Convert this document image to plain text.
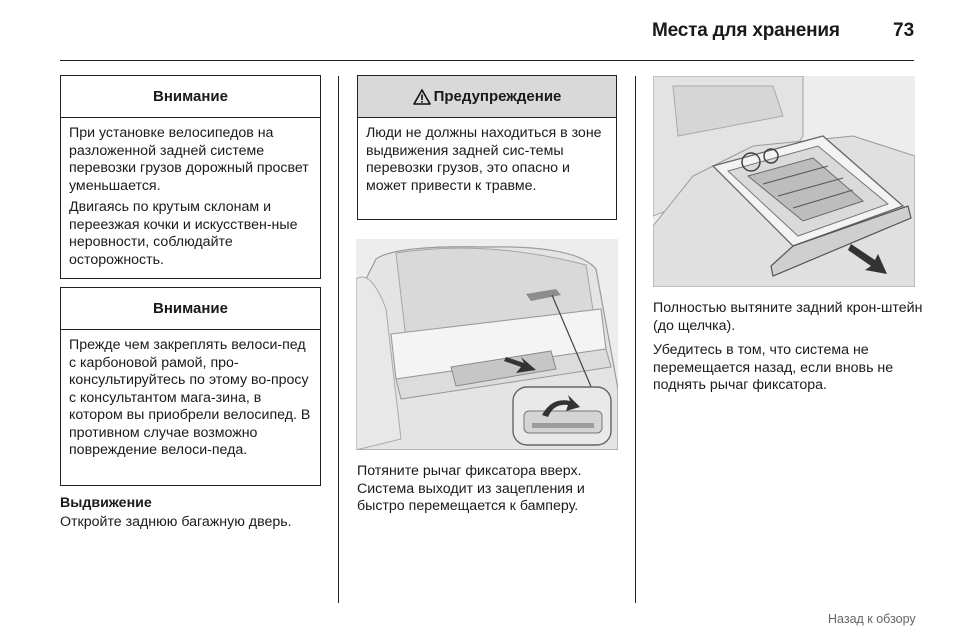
Места для хранения	73
Внимание

При установке велосипедов на разложенной задней системе перевозки грузов дорожный просвет уменьшается.

Двигаясь по крутым склонам и переезжая кочки и искусствен-ные неровности, соблюдайте осторожность.

Внимание

Прежде чем закреплять велоси-пед с карбоновой рамой, про-консультируйтесь по этому во-просу с консультантом мага-зина, в котором вы приобрели велосипед. В противном случае возможно повреждение велоси-педа.

Выдвижение
Откройте заднюю багажную дверь.
Предупреждение

Люди не должны находиться в зоне выдвижения задней сис-темы перевозки грузов, это опасно и может привести к травме.

Потяните рычаг фиксатора вверх. Система выходит из зацепления и быстро перемещается к бамперу.
Полностью вытяните задний крон-штейн (до щелчка).
Убедитесь в том, что система не перемещается назад, если вновь не поднять рычаг фиксатора.
Назад к обзору
